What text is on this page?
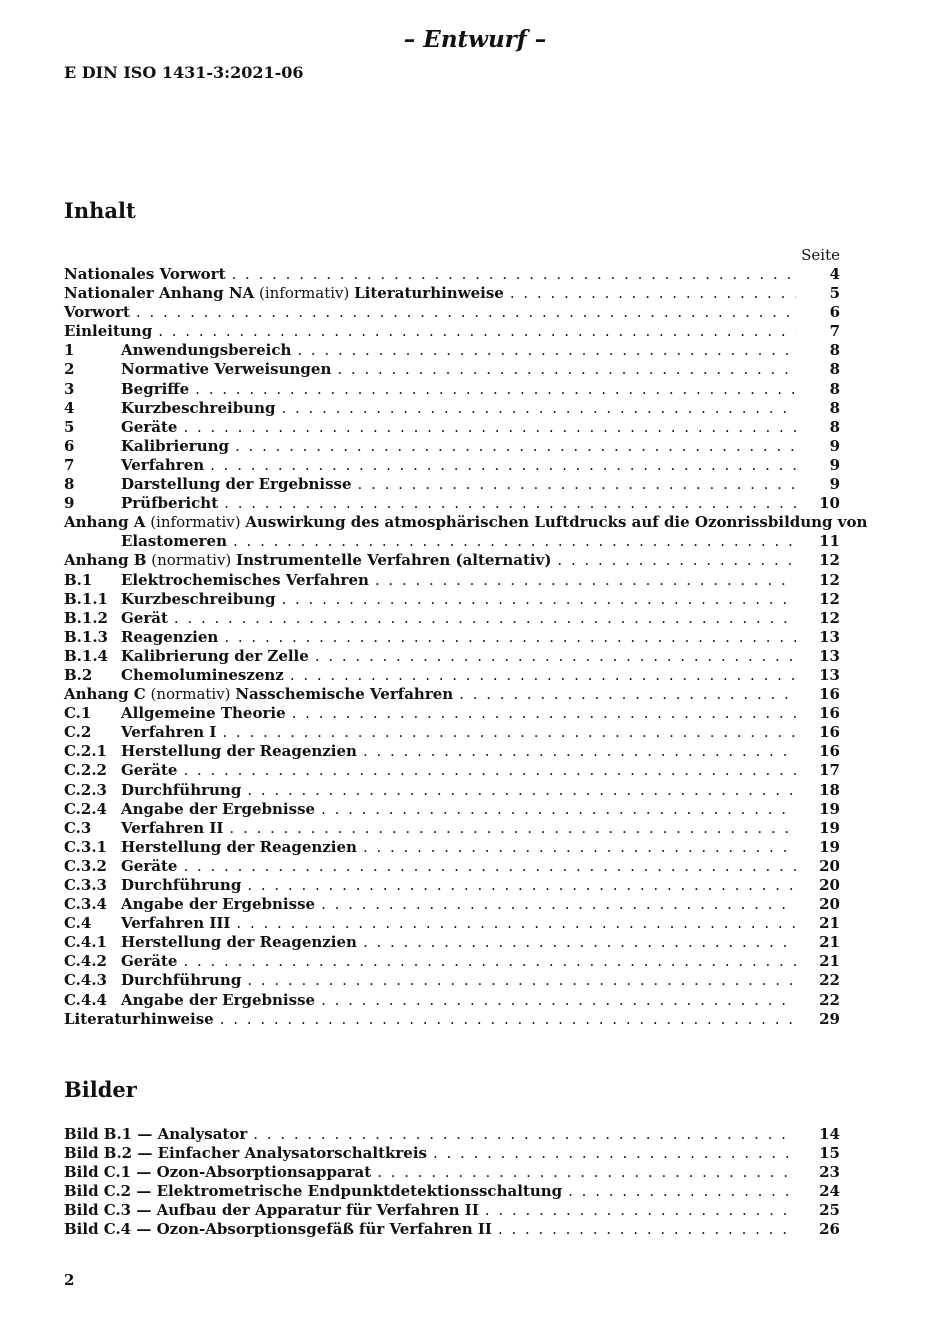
– Entwurf –
E DIN ISO 1431-3:2021-06
Inhalt
Seite
Nationales Vorwort . . .	4
Nationaler Anhang NA (informativ) Literaturhinweise . . .	5
Vorwort . . .	6
Einleitung . . .	7
1	Anwendungsbereich . . .	8
2	Normative Verweisungen . . .	8
3	Begriffe . . .	8
4	Kurzbeschreibung . . .	8
5	Geräte . . .	8
6	Kalibrierung . . .	9
7	Verfahren . . .	9
8	Darstellung der Ergebnisse . . .	9
9	Prüfbericht . . .	10
Anhang A (informativ) Auswirkung des atmosphärischen Luftdrucks auf die Ozonrissbildung von
Elastomeren . . .	11
Anhang B (normativ) Instrumentelle Verfahren (alternativ) . . .	12
B.1	Elektrochemisches Verfahren . . .	12
B.1.1 Kurzbeschreibung . . .	12
B.1.2 Gerät . . .	12
B.1.3 Reagenzien . . .	13
B.1.4 Kalibrierung der Zelle . . .	13
B.2	Chemolumineszenz . . .	13
Anhang C (normativ) Nasschemische Verfahren . . .	16
C.1	Allgemeine Theorie . . .	16
C.2	Verfahren I . . .	16
C.2.1 Herstellung der Reagenzien . . .	16
C.2.2 Geräte . . .	17
C.2.3 Durchführung . . .	18
C.2.4 Angabe der Ergebnisse . . .	19
C.3	Verfahren II . . .	19
C.3.1 Herstellung der Reagenzien . . .	19
C.3.2 Geräte . . .	20
C.3.3 Durchführung . . .	20
C.3.4 Angabe der Ergebnisse . . .	20
C.4	Verfahren III . . .	21
C.4.1 Herstellung der Reagenzien . . .	21
C.4.2 Geräte . . .	21
C.4.3 Durchführung . . .	22
C.4.4 Angabe der Ergebnisse . . .	22
Literaturhinweise . . .	29
Bilder
Bild B.1 — Analysator . . .	14
Bild B.2 — Einfacher Analysatorschaltkreis . . .	15
Bild C.1 — Ozon-Absorptionsapparat . . .	23
Bild C.2 — Elektrometrische Endpunktdetektionsschaltung . . .	24
Bild C.3 — Aufbau der Apparatur für Verfahren II . . .	25
Bild C.4 — Ozon-Absorptionsgefäß für Verfahren II . . .	26
2
